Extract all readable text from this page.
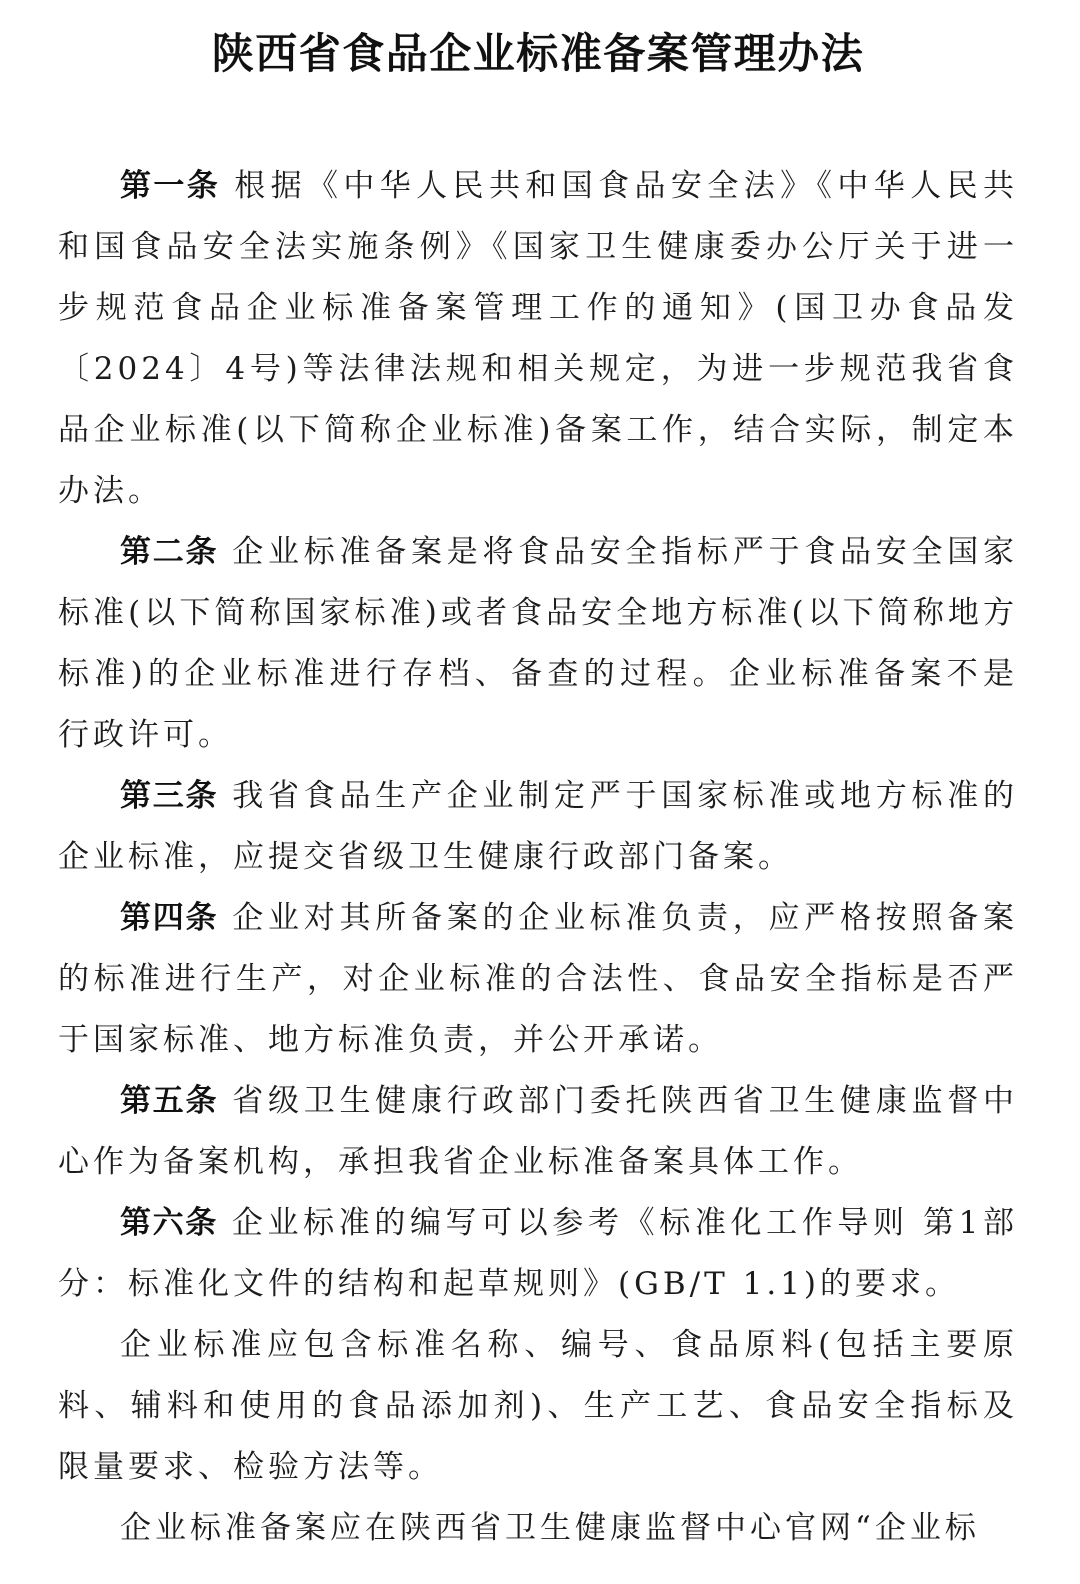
陕西省食品企业标准备案管理办法

第一条 根据《中华人民共和国食品安全法》《中华人民共和国食品安全法实施条例》《国家卫生健康委办公厅关于进一步规范食品企业标准备案管理工作的通知》(国卫办食品发〔2024〕4号)等法律法规和相关规定，为进一步规范我省食品企业标准(以下简称企业标准)备案工作，结合实际，制定本办法。

第二条 企业标准备案是将食品安全指标严于食品安全国家标准(以下简称国家标准)或者食品安全地方标准(以下简称地方标准)的企业标准进行存档、备查的过程。企业标准备案不是行政许可。

第三条 我省食品生产企业制定严于国家标准或地方标准的企业标准，应提交省级卫生健康行政部门备案。

第四条 企业对其所备案的企业标准负责，应严格按照备案的标准进行生产，对企业标准的合法性、食品安全指标是否严于国家标准、地方标准负责，并公开承诺。

第五条 省级卫生健康行政部门委托陕西省卫生健康监督中心作为备案机构，承担我省企业标准备案具体工作。

第六条 企业标准的编写可以参考《标准化工作导则 第1部分：标准化文件的结构和起草规则》(GB/T 1.1)的要求。

企业标准应包含标准名称、编号、食品原料(包括主要原料、辅料和使用的食品添加剂)、生产工艺、食品安全指标及限量要求、检验方法等。

企业标准备案应在陕西省卫生健康监督中心官网“企业标
